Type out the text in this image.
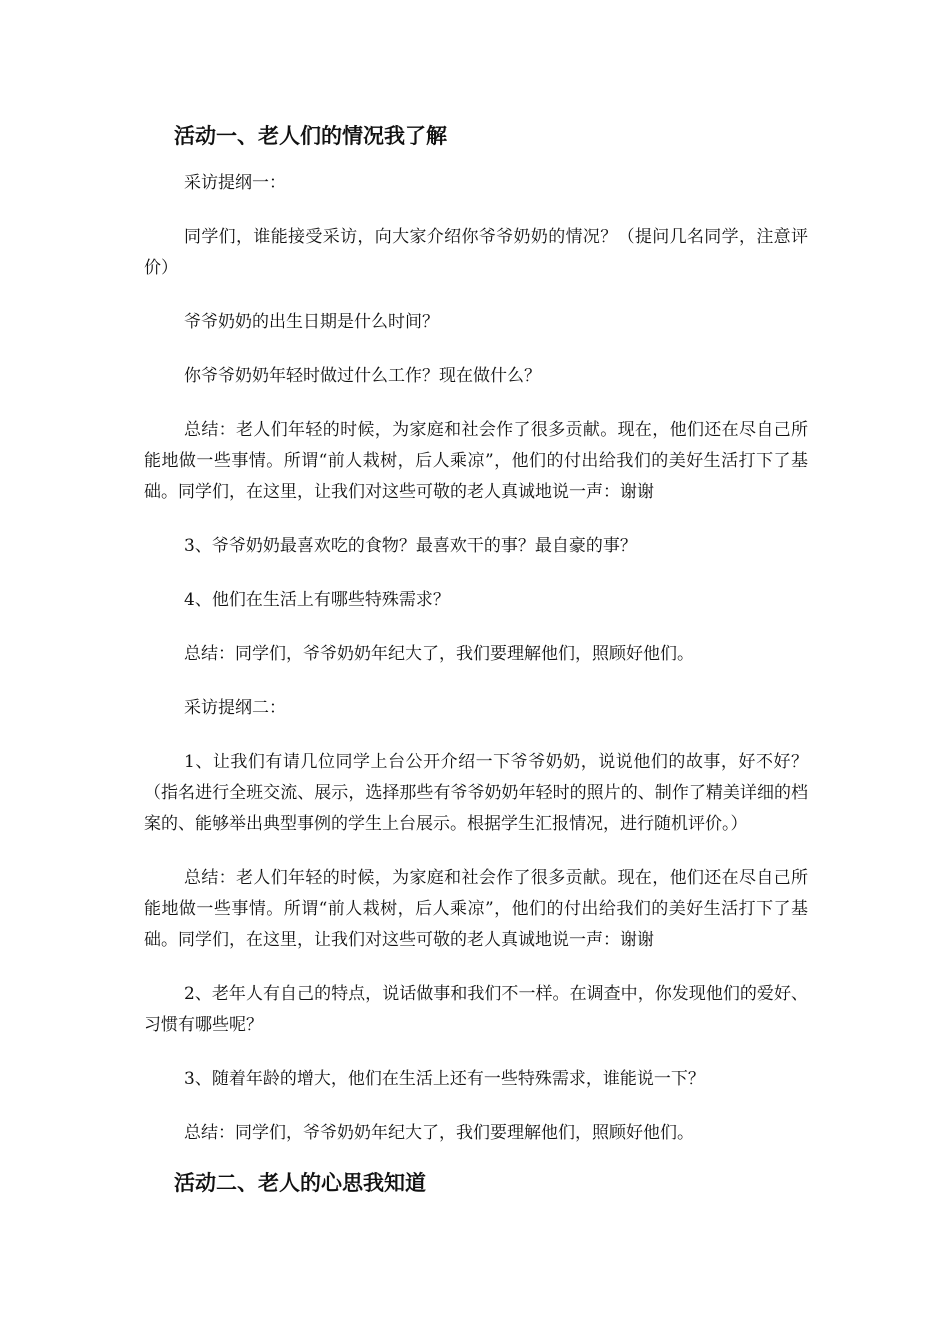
活动一、老人们的情况我了解

采访提纲一：

同学们，谁能接受采访，向大家介绍你爷爷奶奶的情况？（提问几名同学，注意评价）

爷爷奶奶的出生日期是什么时间？

你爷爷奶奶年轻时做过什么工作？现在做什么？

总结：老人们年轻的时候，为家庭和社会作了很多贡献。现在，他们还在尽自己所能地做一些事情。所谓“前人栽树，后人乘凉”，他们的付出给我们的美好生活打下了基础。同学们，在这里，让我们对这些可敬的老人真诚地说一声：谢谢

3、爷爷奶奶最喜欢吃的食物？最喜欢干的事？最自豪的事？

4、他们在生活上有哪些特殊需求？

总结：同学们，爷爷奶奶年纪大了，我们要理解他们，照顾好他们。

采访提纲二：

1、让我们有请几位同学上台公开介绍一下爷爷奶奶，说说他们的故事，好不好？（指名进行全班交流、展示，选择那些有爷爷奶奶年轻时的照片的、制作了精美详细的档案的、能够举出典型事例的学生上台展示。根据学生汇报情况，进行随机评价。）

总结：老人们年轻的时候，为家庭和社会作了很多贡献。现在，他们还在尽自己所能地做一些事情。所谓“前人栽树，后人乘凉”，他们的付出给我们的美好生活打下了基础。同学们，在这里，让我们对这些可敬的老人真诚地说一声：谢谢

2、老年人有自己的特点，说话做事和我们不一样。在调查中，你发现他们的爱好、习惯有哪些呢？

3、随着年龄的增大，他们在生活上还有一些特殊需求，谁能说一下？

总结：同学们，爷爷奶奶年纪大了，我们要理解他们，照顾好他们。

活动二、老人的心思我知道
